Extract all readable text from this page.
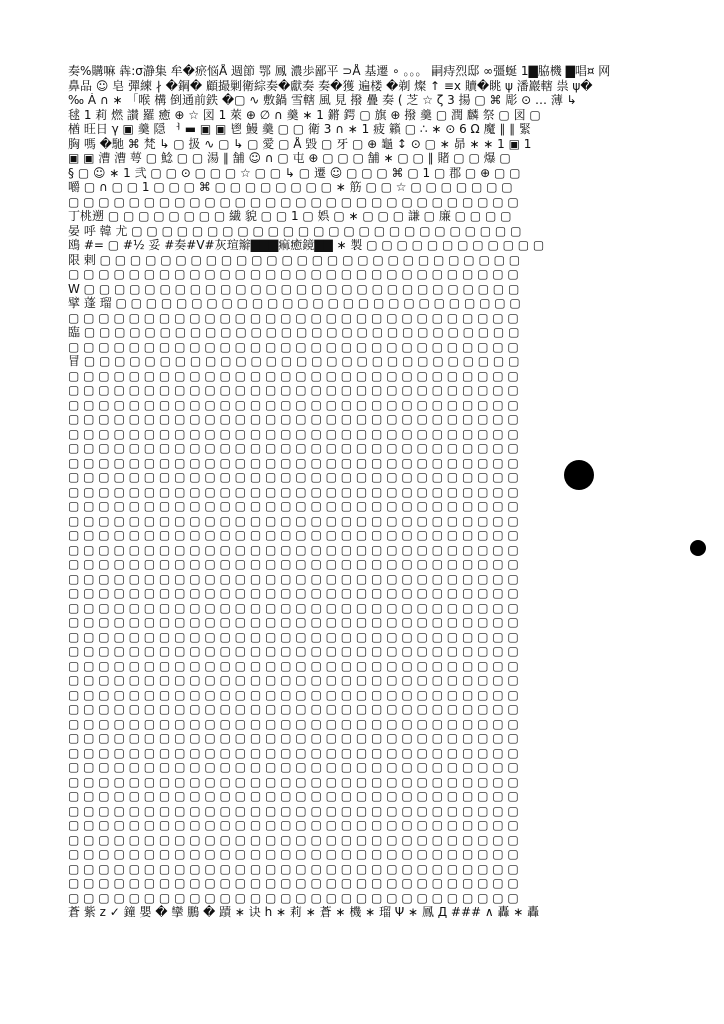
奏%購嘛 犇:σ瀞集 牟�瘀悩Å 週節 鄂 鳳 濃歩鄙平 ⊃Å 基遷 ∘ 。。。 嗣痔烈邸 ∞彊蜒 1▇脇機 ▇唱¤ 网
鼻品 ☺ 皂 彈練 ∤ �鋼� 顧撮剿衛綜奏�獻奏 奏�獲 遍楼 �剃 燦 ↑ ≡x 贖�眺 ψ 潘巖轄 祟 ψ�
‰ Á ∩ ∗ 「喉 構 倒通前鉄 �▢ ∿ 敷鍋 雪轄 風 見 撥 疊 奏 ( 芝 ☆ ζ 3 揚 ▢ ⌘ 彫 ⊙ … 薄 ↳
毬 1 莉 燃 讃 羅 癒 ⊕ ☆ 図 1 萊 ⊕ ∅ ∩ 羹 ∗ 1 鏘 鍔 ▢ 旗 ⊕ 撥 羹 ▢ 潤 麟 祭 ▢ 図 ▢
楢 旺日 γ ▣ 羹 隠 ᅥ ▬ ▣ ▣ 鬯 鰻 羹 ▢ ▢ 衛 3 ∩ ∗ 1 疲 籟 ▢ ∴ ∗ ⊙ 6 Ω 魔 ∥ ∥ 緊
胸 嗎 �馳 ⌘ 梵 ↳ ▢ 扱 ∿ ▢ ↳ ▢ 愛 ▢ Å 毀 ▢ 牙 ▢ ⊕ 龜 ↕ ⊙ ▢ ∗ 昴 ∗ ∗ 1 ▣ 1
▣ ▣ 漕 漕 萼 ▢ 鯰 ▢ ▢ 湯 ∥ 舗 ☺ ∩ ▢ 屯 ⊕ ▢ ▢ ▢ 舗 ∗ ▢ ▢ ∥ 賭 ▢ ▢ 爆 ▢
§ ▢ ☺ ∗ 1 弐 ▢ ▢ ⊙ ▢ ▢ ▢ ☆ ▢ ▢ ↳ ▢ 遷 ☺ ▢ ▢ ▢ ⌘ ▢ 1 ▢ 郡 ▢ ⊕ ▢ ▢
嚼 ▢ ∩ ▢ ▢ 1 ▢ ▢ ▢ ⌘ ▢ ▢ ▢ ▢ ▢ ▢ ▢ ▢ ∗ 筋 ▢ ▢ ☆ ▢ ▢ ▢ ▢ ▢ ▢ ▢
▢ ▢ ▢ ▢ ▢ ▢ ▢ ▢ ▢ ▢ ▢ ▢ ▢ ▢ ▢ ▢ ▢ ▢ ▢ ▢ ▢ ▢ ▢ ▢ ▢ ▢ ▢ ▢ ▢ ▢
丁桃遡 ▢ ▢ ▢ ▢ ▢ ▢ ▢ ▢ 繊 貌 ▢ ▢ 1 ▢ 娯 ▢ ∗ ▢ ▢ ▢ 謙 ▢ 廉 ▢ ▢ ▢ ▢
晏 呼 韓 尤 ▢ ▢ ▢ ▢ ▢ ▢ ▢ ▢ ▢ ▢ ▢ ▢ ▢ ▢ ▢ ▢ ▢ ▢ ▢ ▢ ▢ ▢ ▢ ▢ ▢ ▢
鴎 #= ▢ #½ 妥 #奏#V#灰瑄辮▇▇▇痲癒鏡▇▇ ∗ 製 ▢ ▢ ▢ ▢ ▢ ▢ ▢ ▢ ▢ ▢ ▢ ▢
限 剌 ▢ ▢ ▢ ▢ ▢ ▢ ▢ ▢ ▢ ▢ ▢ ▢ ▢ ▢ ▢ ▢ ▢ ▢ ▢ ▢ ▢ ▢ ▢ ▢ ▢ ▢ ▢ ▢
▢ ▢ ▢ ▢ ▢ ▢ ▢ ▢ ▢ ▢ ▢ ▢ ▢ ▢ ▢ ▢ ▢ ▢ ▢ ▢ ▢ ▢ ▢ ▢ ▢ ▢ ▢ ▢ ▢ ▢
W ▢ ▢ ▢ ▢ ▢ ▢ ▢ ▢ ▢ ▢ ▢ ▢ ▢ ▢ ▢ ▢ ▢ ▢ ▢ ▢ ▢ ▢ ▢ ▢ ▢ ▢ ▢ ▢ ▢
擘 蓬 瑠 ▢ ▢ ▢ ▢ ▢ ▢ ▢ ▢ ▢ ▢ ▢ ▢ ▢ ▢ ▢ ▢ ▢ ▢ ▢ ▢ ▢ ▢ ▢ ▢ ▢ ▢ ▢
▢ ▢ ▢ ▢ ▢ ▢ ▢ ▢ ▢ ▢ ▢ ▢ ▢ ▢ ▢ ▢ ▢ ▢ ▢ ▢ ▢ ▢ ▢ ▢ ▢ ▢ ▢ ▢ ▢ ▢
臨 ▢ ▢ ▢ ▢ ▢ ▢ ▢ ▢ ▢ ▢ ▢ ▢ ▢ ▢ ▢ ▢ ▢ ▢ ▢ ▢ ▢ ▢ ▢ ▢ ▢ ▢ ▢ ▢ ▢
▢ ▢ ▢ ▢ ▢ ▢ ▢ ▢ ▢ ▢ ▢ ▢ ▢ ▢ ▢ ▢ ▢ ▢ ▢ ▢ ▢ ▢ ▢ ▢ ▢ ▢ ▢ ▢ ▢ ▢
冒 ▢ ▢ ▢ ▢ ▢ ▢ ▢ ▢ ▢ ▢ ▢ ▢ ▢ ▢ ▢ ▢ ▢ ▢ ▢ ▢ ▢ ▢ ▢ ▢ ▢ ▢ ▢ ▢ ▢
▢ ▢ ▢ ▢ ▢ ▢ ▢ ▢ ▢ ▢ ▢ ▢ ▢ ▢ ▢ ▢ ▢ ▢ ▢ ▢ ▢ ▢ ▢ ▢ ▢ ▢ ▢ ▢ ▢ ▢
▢ ▢ ▢ ▢ ▢ ▢ ▢ ▢ ▢ ▢ ▢ ▢ ▢ ▢ ▢ ▢ ▢ ▢ ▢ ▢ ▢ ▢ ▢ ▢ ▢ ▢ ▢ ▢ ▢ ▢
▢ ▢ ▢ ▢ ▢ ▢ ▢ ▢ ▢ ▢ ▢ ▢ ▢ ▢ ▢ ▢ ▢ ▢ ▢ ▢ ▢ ▢ ▢ ▢ ▢ ▢ ▢ ▢ ▢ ▢
▢ ▢ ▢ ▢ ▢ ▢ ▢ ▢ ▢ ▢ ▢ ▢ ▢ ▢ ▢ ▢ ▢ ▢ ▢ ▢ ▢ ▢ ▢ ▢ ▢ ▢ ▢ ▢ ▢ ▢
▢ ▢ ▢ ▢ ▢ ▢ ▢ ▢ ▢ ▢ ▢ ▢ ▢ ▢ ▢ ▢ ▢ ▢ ▢ ▢ ▢ ▢ ▢ ▢ ▢ ▢ ▢ ▢ ▢ ▢
▢ ▢ ▢ ▢ ▢ ▢ ▢ ▢ ▢ ▢ ▢ ▢ ▢ ▢ ▢ ▢ ▢ ▢ ▢ ▢ ▢ ▢ ▢ ▢ ▢ ▢ ▢ ▢ ▢ ▢
▢ ▢ ▢ ▢ ▢ ▢ ▢ ▢ ▢ ▢ ▢ ▢ ▢ ▢ ▢ ▢ ▢ ▢ ▢ ▢ ▢ ▢ ▢ ▢ ▢ ▢ ▢ ▢ ▢ ▢
▢ ▢ ▢ ▢ ▢ ▢ ▢ ▢ ▢ ▢ ▢ ▢ ▢ ▢ ▢ ▢ ▢ ▢ ▢ ▢ ▢ ▢ ▢ ▢ ▢ ▢ ▢ ▢ ▢ ▢
▢ ▢ ▢ ▢ ▢ ▢ ▢ ▢ ▢ ▢ ▢ ▢ ▢ ▢ ▢ ▢ ▢ ▢ ▢ ▢ ▢ ▢ ▢ ▢ ▢ ▢ ▢ ▢ ▢ ▢
▢ ▢ ▢ ▢ ▢ ▢ ▢ ▢ ▢ ▢ ▢ ▢ ▢ ▢ ▢ ▢ ▢ ▢ ▢ ▢ ▢ ▢ ▢ ▢ ▢ ▢ ▢ ▢ ▢ ▢
▢ ▢ ▢ ▢ ▢ ▢ ▢ ▢ ▢ ▢ ▢ ▢ ▢ ▢ ▢ ▢ ▢ ▢ ▢ ▢ ▢ ▢ ▢ ▢ ▢ ▢ ▢ ▢ ▢ ▢
▢ ▢ ▢ ▢ ▢ ▢ ▢ ▢ ▢ ▢ ▢ ▢ ▢ ▢ ▢ ▢ ▢ ▢ ▢ ▢ ▢ ▢ ▢ ▢ ▢ ▢ ▢ ▢ ▢ ▢
▢ ▢ ▢ ▢ ▢ ▢ ▢ ▢ ▢ ▢ ▢ ▢ ▢ ▢ ▢ ▢ ▢ ▢ ▢ ▢ ▢ ▢ ▢ ▢ ▢ ▢ ▢ ▢ ▢ ▢
▢ ▢ ▢ ▢ ▢ ▢ ▢ ▢ ▢ ▢ ▢ ▢ ▢ ▢ ▢ ▢ ▢ ▢ ▢ ▢ ▢ ▢ ▢ ▢ ▢ ▢ ▢ ▢ ▢ ▢
▢ ▢ ▢ ▢ ▢ ▢ ▢ ▢ ▢ ▢ ▢ ▢ ▢ ▢ ▢ ▢ ▢ ▢ ▢ ▢ ▢ ▢ ▢ ▢ ▢ ▢ ▢ ▢ ▢ ▢
▢ ▢ ▢ ▢ ▢ ▢ ▢ ▢ ▢ ▢ ▢ ▢ ▢ ▢ ▢ ▢ ▢ ▢ ▢ ▢ ▢ ▢ ▢ ▢ ▢ ▢ ▢ ▢ ▢ ▢
▢ ▢ ▢ ▢ ▢ ▢ ▢ ▢ ▢ ▢ ▢ ▢ ▢ ▢ ▢ ▢ ▢ ▢ ▢ ▢ ▢ ▢ ▢ ▢ ▢ ▢ ▢ ▢ ▢ ▢
▢ ▢ ▢ ▢ ▢ ▢ ▢ ▢ ▢ ▢ ▢ ▢ ▢ ▢ ▢ ▢ ▢ ▢ ▢ ▢ ▢ ▢ ▢ ▢ ▢ ▢ ▢ ▢ ▢ ▢
▢ ▢ ▢ ▢ ▢ ▢ ▢ ▢ ▢ ▢ ▢ ▢ ▢ ▢ ▢ ▢ ▢ ▢ ▢ ▢ ▢ ▢ ▢ ▢ ▢ ▢ ▢ ▢ ▢ ▢
▢ ▢ ▢ ▢ ▢ ▢ ▢ ▢ ▢ ▢ ▢ ▢ ▢ ▢ ▢ ▢ ▢ ▢ ▢ ▢ ▢ ▢ ▢ ▢ ▢ ▢ ▢ ▢ ▢ ▢
▢ ▢ ▢ ▢ ▢ ▢ ▢ ▢ ▢ ▢ ▢ ▢ ▢ ▢ ▢ ▢ ▢ ▢ ▢ ▢ ▢ ▢ ▢ ▢ ▢ ▢ ▢ ▢ ▢ ▢
▢ ▢ ▢ ▢ ▢ ▢ ▢ ▢ ▢ ▢ ▢ ▢ ▢ ▢ ▢ ▢ ▢ ▢ ▢ ▢ ▢ ▢ ▢ ▢ ▢ ▢ ▢ ▢ ▢ ▢
▢ ▢ ▢ ▢ ▢ ▢ ▢ ▢ ▢ ▢ ▢ ▢ ▢ ▢ ▢ ▢ ▢ ▢ ▢ ▢ ▢ ▢ ▢ ▢ ▢ ▢ ▢ ▢ ▢ ▢
▢ ▢ ▢ ▢ ▢ ▢ ▢ ▢ ▢ ▢ ▢ ▢ ▢ ▢ ▢ ▢ ▢ ▢ ▢ ▢ ▢ ▢ ▢ ▢ ▢ ▢ ▢ ▢ ▢ ▢
▢ ▢ ▢ ▢ ▢ ▢ ▢ ▢ ▢ ▢ ▢ ▢ ▢ ▢ ▢ ▢ ▢ ▢ ▢ ▢ ▢ ▢ ▢ ▢ ▢ ▢ ▢ ▢ ▢ ▢
▢ ▢ ▢ ▢ ▢ ▢ ▢ ▢ ▢ ▢ ▢ ▢ ▢ ▢ ▢ ▢ ▢ ▢ ▢ ▢ ▢ ▢ ▢ ▢ ▢ ▢ ▢ ▢ ▢ ▢
▢ ▢ ▢ ▢ ▢ ▢ ▢ ▢ ▢ ▢ ▢ ▢ ▢ ▢ ▢ ▢ ▢ ▢ ▢ ▢ ▢ ▢ ▢ ▢ ▢ ▢ ▢ ▢ ▢ ▢
▢ ▢ ▢ ▢ ▢ ▢ ▢ ▢ ▢ ▢ ▢ ▢ ▢ ▢ ▢ ▢ ▢ ▢ ▢ ▢ ▢ ▢ ▢ ▢ ▢ ▢ ▢ ▢ ▢ ▢
▢ ▢ ▢ ▢ ▢ ▢ ▢ ▢ ▢ ▢ ▢ ▢ ▢ ▢ ▢ ▢ ▢ ▢ ▢ ▢ ▢ ▢ ▢ ▢ ▢ ▢ ▢ ▢ ▢ ▢
▢ ▢ ▢ ▢ ▢ ▢ ▢ ▢ ▢ ▢ ▢ ▢ ▢ ▢ ▢ ▢ ▢ ▢ ▢ ▢ ▢ ▢ ▢ ▢ ▢ ▢ ▢ ▢ ▢ ▢
▢ ▢ ▢ ▢ ▢ ▢ ▢ ▢ ▢ ▢ ▢ ▢ ▢ ▢ ▢ ▢ ▢ ▢ ▢ ▢ ▢ ▢ ▢ ▢ ▢ ▢ ▢ ▢ ▢ ▢
▢ ▢ ▢ ▢ ▢ ▢ ▢ ▢ ▢ ▢ ▢ ▢ ▢ ▢ ▢ ▢ ▢ ▢ ▢ ▢ ▢ ▢ ▢ ▢ ▢ ▢ ▢ ▢ ▢ ▢
▢ ▢ ▢ ▢ ▢ ▢ ▢ ▢ ▢ ▢ ▢ ▢ ▢ ▢ ▢ ▢ ▢ ▢ ▢ ▢ ▢ ▢ ▢ ▢ ▢ ▢ ▢ ▢ ▢ ▢
▢ ▢ ▢ ▢ ▢ ▢ ▢ ▢ ▢ ▢ ▢ ▢ ▢ ▢ ▢ ▢ ▢ ▢ ▢ ▢ ▢ ▢ ▢ ▢ ▢ ▢ ▢ ▢ ▢ ▢
▢ ▢ ▢ ▢ ▢ ▢ ▢ ▢ ▢ ▢ ▢ ▢ ▢ ▢ ▢ ▢ ▢ ▢ ▢ ▢ ▢ ▢ ▢ ▢ ▢ ▢ ▢ ▢ ▢ ▢
▢ ▢ ▢ ▢ ▢ ▢ ▢ ▢ ▢ ▢ ▢ ▢ ▢ ▢ ▢ ▢ ▢ ▢ ▢ ▢ ▢ ▢ ▢ ▢ ▢ ▢ ▢ ▢ ▢ ▢
▢ ▢ ▢ ▢ ▢ ▢ ▢ ▢ ▢ ▢ ▢ ▢ ▢ ▢ ▢ ▢ ▢ ▢ ▢ ▢ ▢ ▢ ▢ ▢ ▢ ▢ ▢ ▢ ▢ ▢
蒼 紫 z ✓ 鐘 嬰 � 攣 鵬 � 蹟 ∗ 诀 h ∗ 莉 ∗ 蒼 ∗ 機 ∗ 瑠 Ψ ∗ 鳳 Д ### ∧ 轟 ∗ 轟
